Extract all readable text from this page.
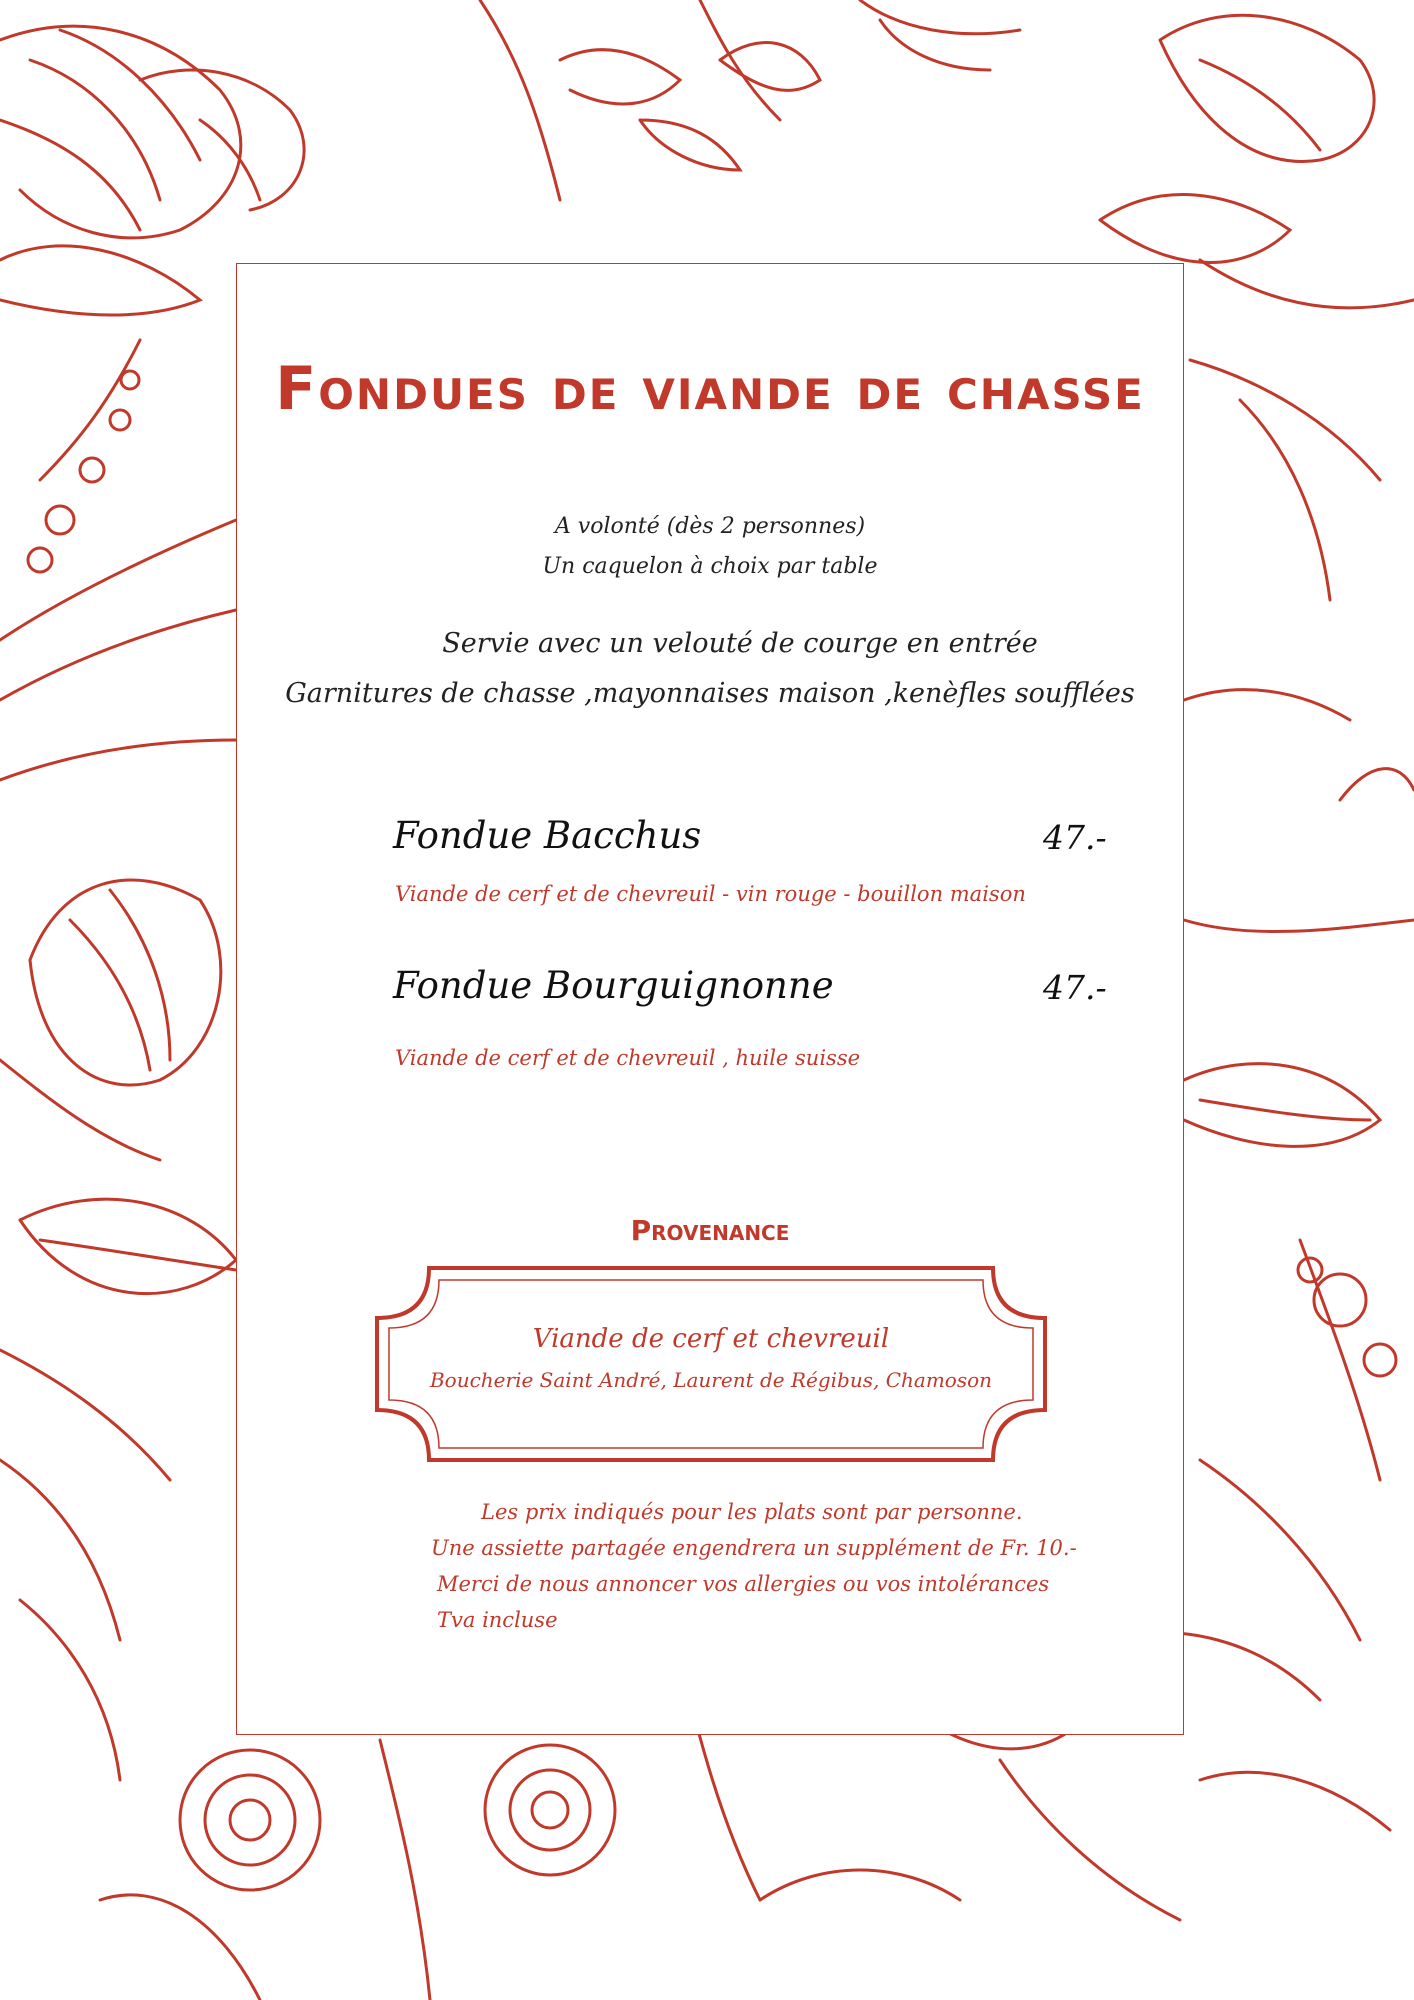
Fondues de viande de chasse
A volonté (dès 2 personnes)
Un caquelon à choix par table
Servie avec un velouté de courge en entrée
Garnitures de chasse ,mayonnaises maison ,kenèfles soufflées
Fondue Bacchus	47.-
Viande de cerf et de chevreuil - vin rouge - bouillon maison
Fondue Bourguignonne	47.-
Viande de cerf et de chevreuil , huile suisse
Provenance
Viande de cerf et chevreuil
Boucherie Saint André, Laurent de Régibus, Chamoson
Les prix indiqués pour les plats sont par personne.
Une assiette partagée engendrera un supplément de Fr. 10.-
Merci de nous annoncer vos allergies ou vos intolérances
Tva incluse
